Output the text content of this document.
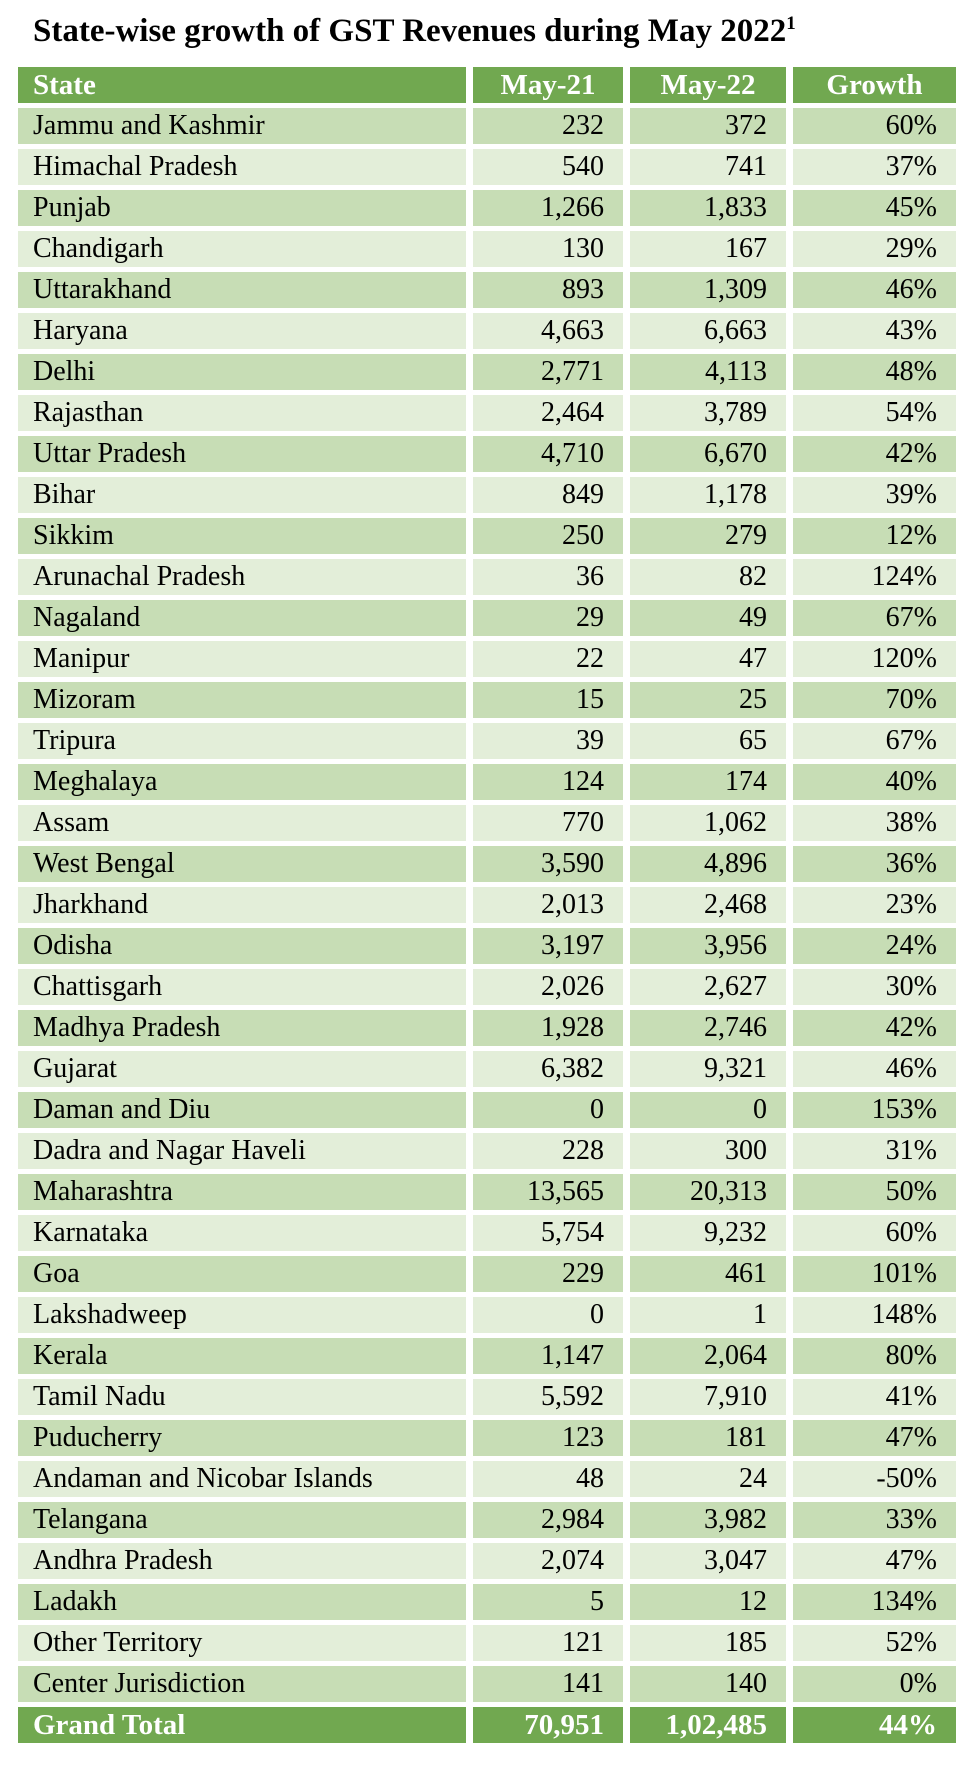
State-wise growth of GST Revenues during May 2022$^1$
State	May-21	May-22	Growth
Jammu and Kashmir	232	372	60%
Himachal Pradesh	540	741	37%
Punjab	1,266	1,833	45%
Chandigarh	130	167	29%
Uttarakhand	893	1,309	46%
Haryana	4,663	6,663	43%
Delhi	2,771	4,113	48%
Rajasthan	2,464	3,789	54%
Uttar Pradesh	4,710	6,670	42%
Bihar	849	1,178	39%
Sikkim	250	279	12%
Arunachal Pradesh	36	82	124%
Nagaland	29	49	67%
Manipur	22	47	120%
Mizoram	15	25	70%
Tripura	39	65	67%
Meghalaya	124	174	40%
Assam	770	1,062	38%
West Bengal	3,590	4,896	36%
Jharkhand	2,013	2,468	23%
Odisha	3,197	3,956	24%
Chattisgarh	2,026	2,627	30%
Madhya Pradesh	1,928	2,746	42%
Gujarat	6,382	9,321	46%
Daman and Diu	0	0	153%
Dadra and Nagar Haveli	228	300	31%
Maharashtra	13,565	20,313	50%
Karnataka	5,754	9,232	60%
Goa	229	461	101%
Lakshadweep	0	1	148%
Kerala	1,147	2,064	80%
Tamil Nadu	5,592	7,910	41%
Puducherry	123	181	47%
Andaman and Nicobar Islands	48	24	-50%
Telangana	2,984	3,982	33%
Andhra Pradesh	2,074	3,047	47%
Ladakh	5	12	134%
Other Territory	121	185	52%
Center Jurisdiction	141	140	0%
Grand Total	70,951	1,02,485	44%
